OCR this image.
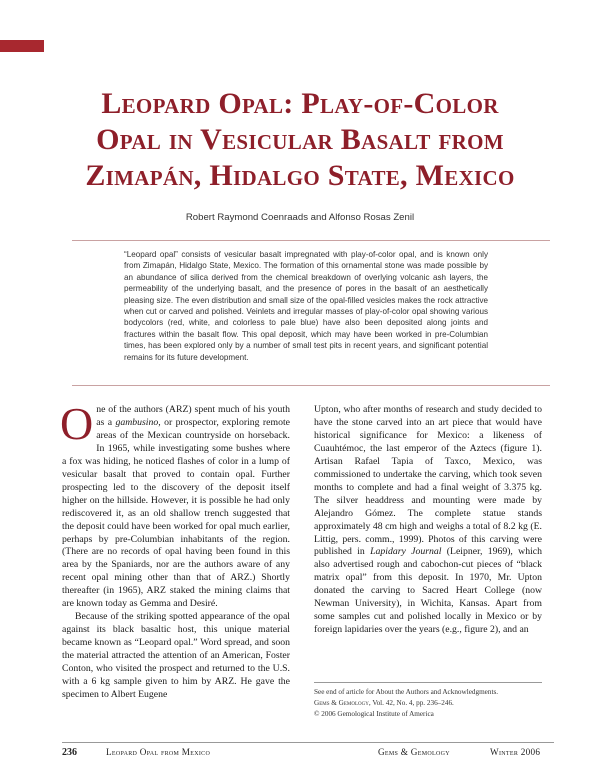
Leopard Opal: Play-of-Color
Opal in Vesicular Basalt from
Zimapán, Hidalgo State, Mexico
Robert Raymond Coenraads and Alfonso Rosas Zenil
“Leopard opal” consists of vesicular basalt impregnated with play-of-color opal, and is known only from Zimapán, Hidalgo State, Mexico. The formation of this ornamental stone was made possible by an abundance of silica derived from the chemical breakdown of overlying volcanic ash layers, the permeability of the underlying basalt, and the presence of pores in the basalt of an aesthetically pleasing size. The even distribution and small size of the opal-filled vesicles makes the rock attractive when cut or carved and polished. Veinlets and irregular masses of play-of-color opal showing various bodycolors (red, white, and colorless to pale blue) have also been deposited along joints and fractures within the basalt flow. This opal deposit, which may have been worked in pre-Columbian times, has been explored only by a number of small test pits in recent years, and significant potential remains for its future development.

One of the authors (ARZ) spent much of his youth as a gambusino, or prospector, exploring remote areas of the Mexican countryside on horseback. In 1965, while investigating some bushes where a fox was hiding, he noticed flashes of color in a lump of vesicular basalt that proved to contain opal. Further prospecting led to the discovery of the deposit itself higher on the hillside. However, it is possible he had only rediscovered it, as an old shallow trench suggested that the deposit could have been worked for opal much earlier, perhaps by pre-Columbian inhabitants of the region. (There are no records of opal having been found in this area by the Spaniards, nor are the authors aware of any recent opal mining other than that of ARZ.) Shortly thereafter (in 1965), ARZ staked the mining claims that are known today as Gemma and Desiré.

Because of the striking spotted appearance of the opal against its black basaltic host, this unique material became known as “Leopard opal.” Word spread, and soon the material attracted the attention of an American, Foster Conton, who visited the prospect and returned to the U.S. with a 6 kg sample given to him by ARZ. He gave the specimen to Albert Eugene

Upton, who after months of research and study decided to have the stone carved into an art piece that would have historical significance for Mexico: a likeness of Cuauhtémoc, the last emperor of the Aztecs (figure 1). Artisan Rafael Tapia of Taxco, Mexico, was commissioned to undertake the carving, which took seven months to complete and had a final weight of 3.375 kg. The silver headdress and mounting were made by Alejandro Gómez. The complete statue stands approximately 48 cm high and weighs a total of 8.2 kg (E. Littig, pers. comm., 1999). Photos of this carving were published in Lapidary Journal (Leipner, 1969), which also advertised rough and cabochon-cut pieces of “black matrix opal” from this deposit. In 1970, Mr. Upton donated the carving to Sacred Heart College (now Newman University), in Wichita, Kansas. Apart from some samples cut and polished locally in Mexico or by foreign lapidaries over the years (e.g., figure 2), and an

See end of article for About the Authors and Acknowledgments.
Gems & Gemology, Vol. 42, No. 4, pp. 236–246.
© 2006 Gemological Institute of America
236	Leopard Opal from Mexico	Gems & Gemology	Winter 2006
